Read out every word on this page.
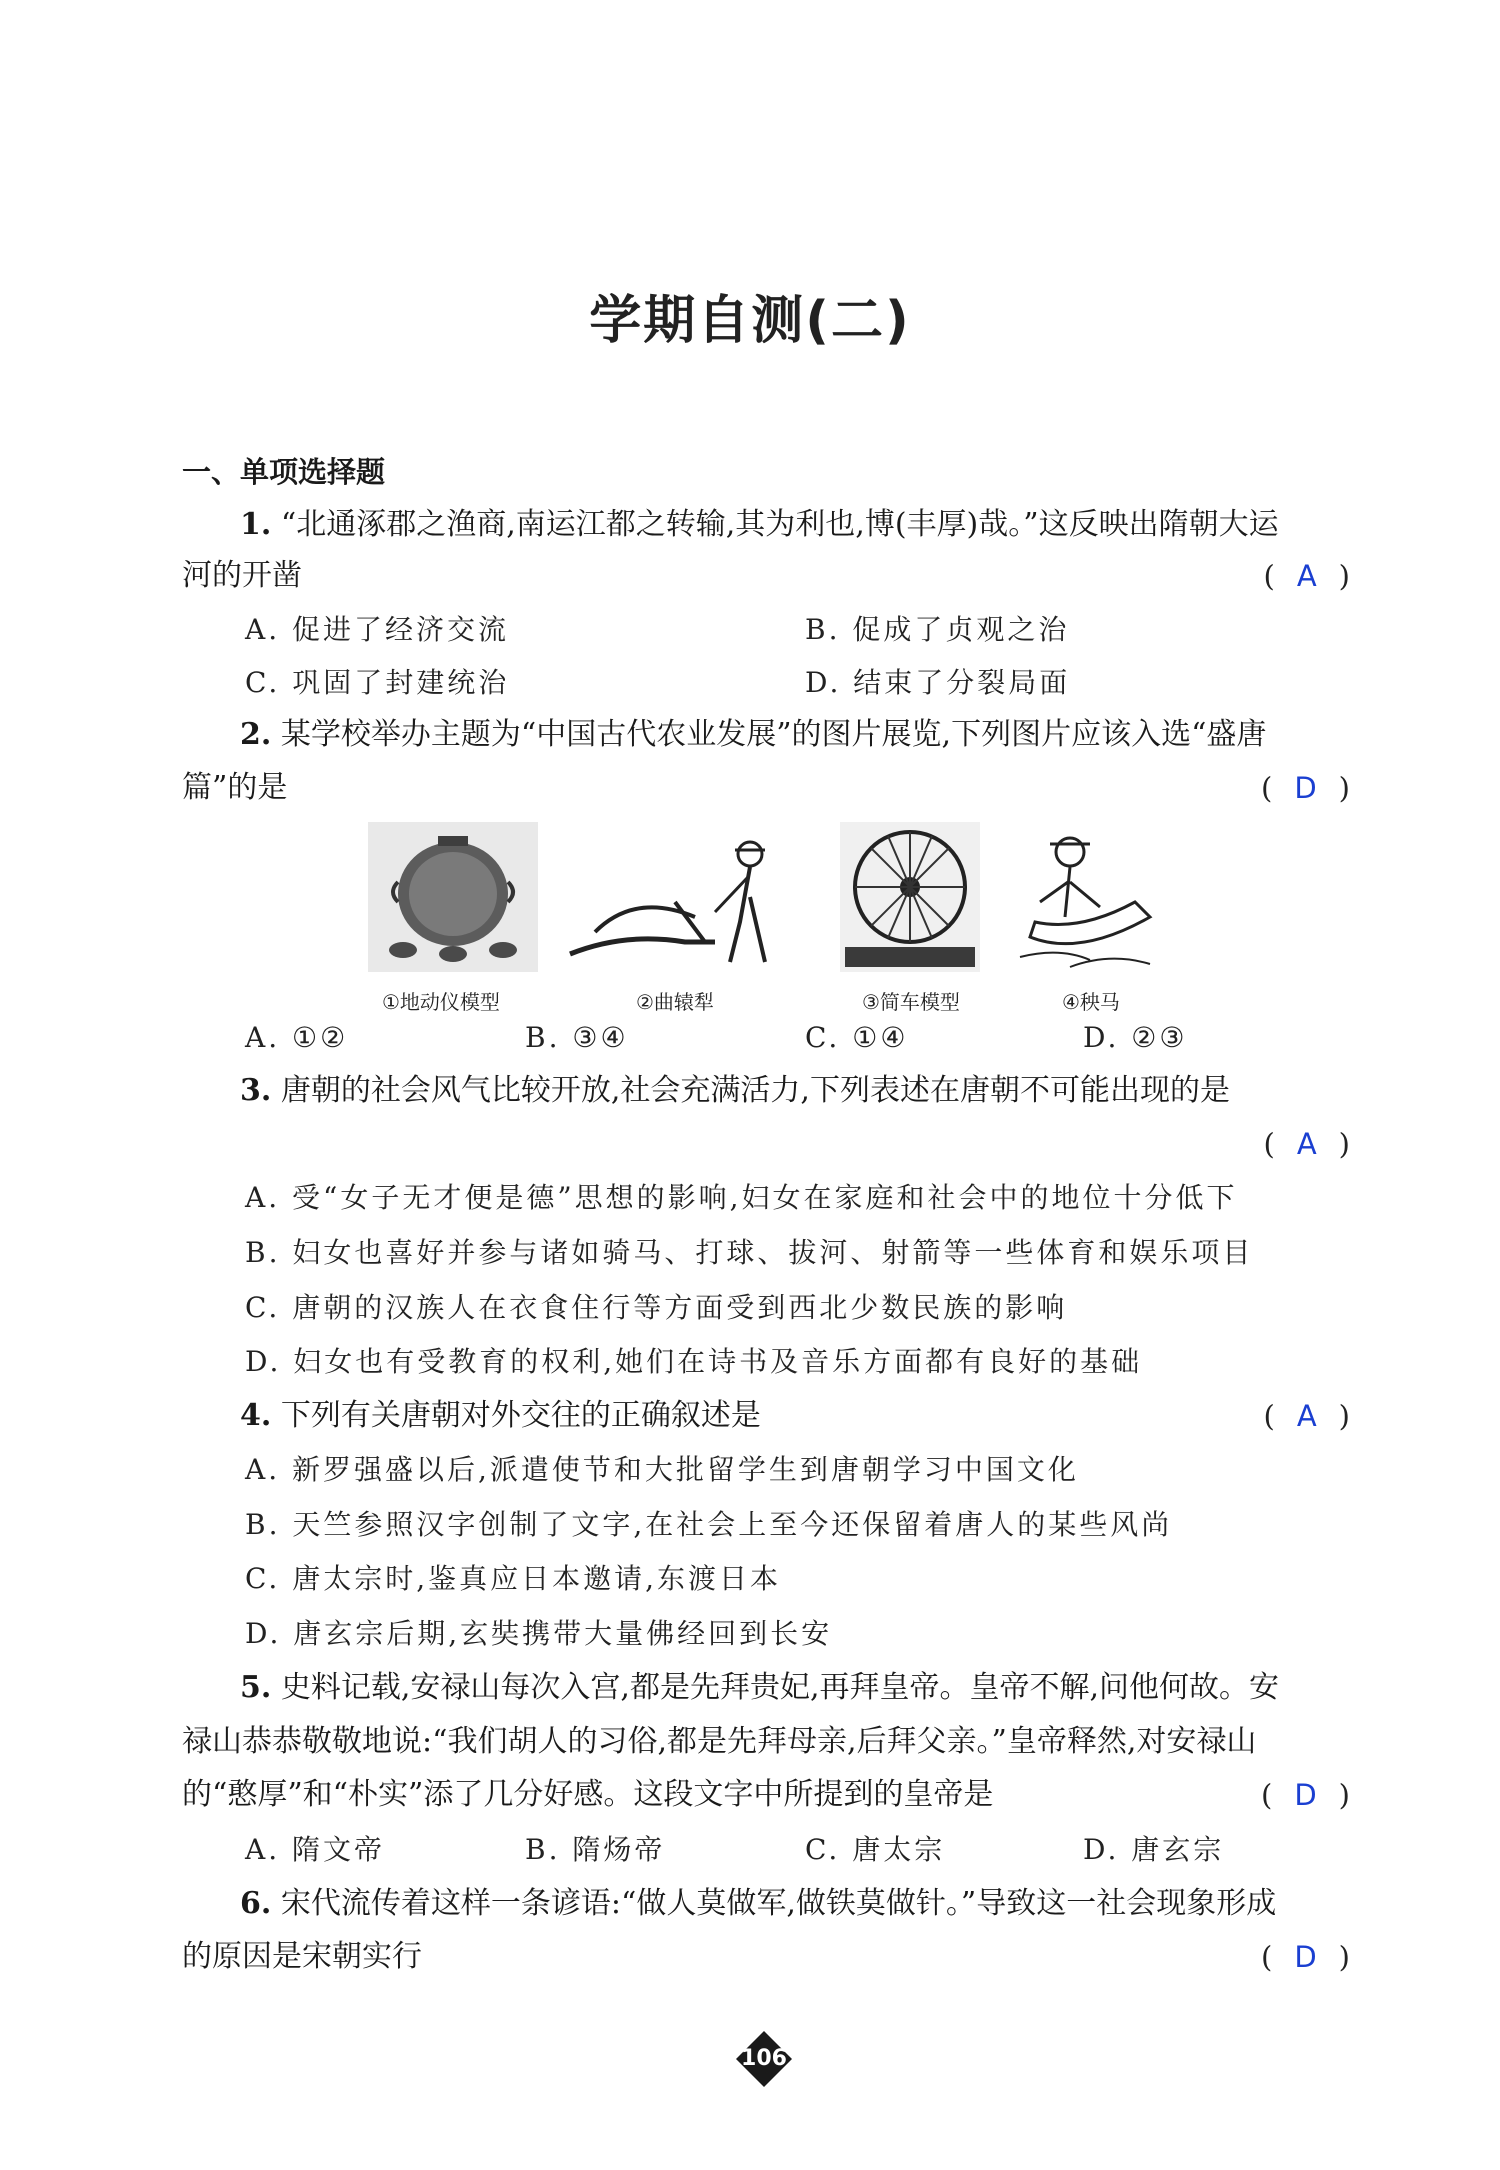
学期自测(二)
一、单项选择题
1. “北通涿郡之渔商,南运江都之转输,其为利也,博(丰厚)哉。”这反映出隋朝大运
河的开凿	( A )
A. 促进了经济交流	B. 促成了贞观之治
C. 巩固了封建统治	D. 结束了分裂局面
2. 某学校举办主题为“中国古代农业发展”的图片展览,下列图片应该入选“盛唐
篇”的是	( D )
①地动仪模型	②曲辕犁	③简车模型	④秧马
A. ①②	B. ③④	C. ①④	D. ②③
3. 唐朝的社会风气比较开放,社会充满活力,下列表述在唐朝不可能出现的是
( A )
A. 受“女子无才便是德”思想的影响,妇女在家庭和社会中的地位十分低下
B. 妇女也喜好并参与诸如骑马、打球、拔河、射箭等一些体育和娱乐项目
C. 唐朝的汉族人在衣食住行等方面受到西北少数民族的影响
D. 妇女也有受教育的权利,她们在诗书及音乐方面都有良好的基础
4. 下列有关唐朝对外交往的正确叙述是	( A )
A. 新罗强盛以后,派遣使节和大批留学生到唐朝学习中国文化
B. 天竺参照汉字创制了文字,在社会上至今还保留着唐人的某些风尚
C. 唐太宗时,鉴真应日本邀请,东渡日本
D. 唐玄宗后期,玄奘携带大量佛经回到长安
5. 史料记载,安禄山每次入宫,都是先拜贵妃,再拜皇帝。皇帝不解,问他何故。安
禄山恭恭敬敬地说:“我们胡人的习俗,都是先拜母亲,后拜父亲。”皇帝释然,对安禄山
的“憨厚”和“朴实”添了几分好感。这段文字中所提到的皇帝是	( D )
A. 隋文帝	B. 隋炀帝	C. 唐太宗	D. 唐玄宗
6. 宋代流传着这样一条谚语:“做人莫做军,做铁莫做针。”导致这一社会现象形成
的原因是宋朝实行	( D )
106
